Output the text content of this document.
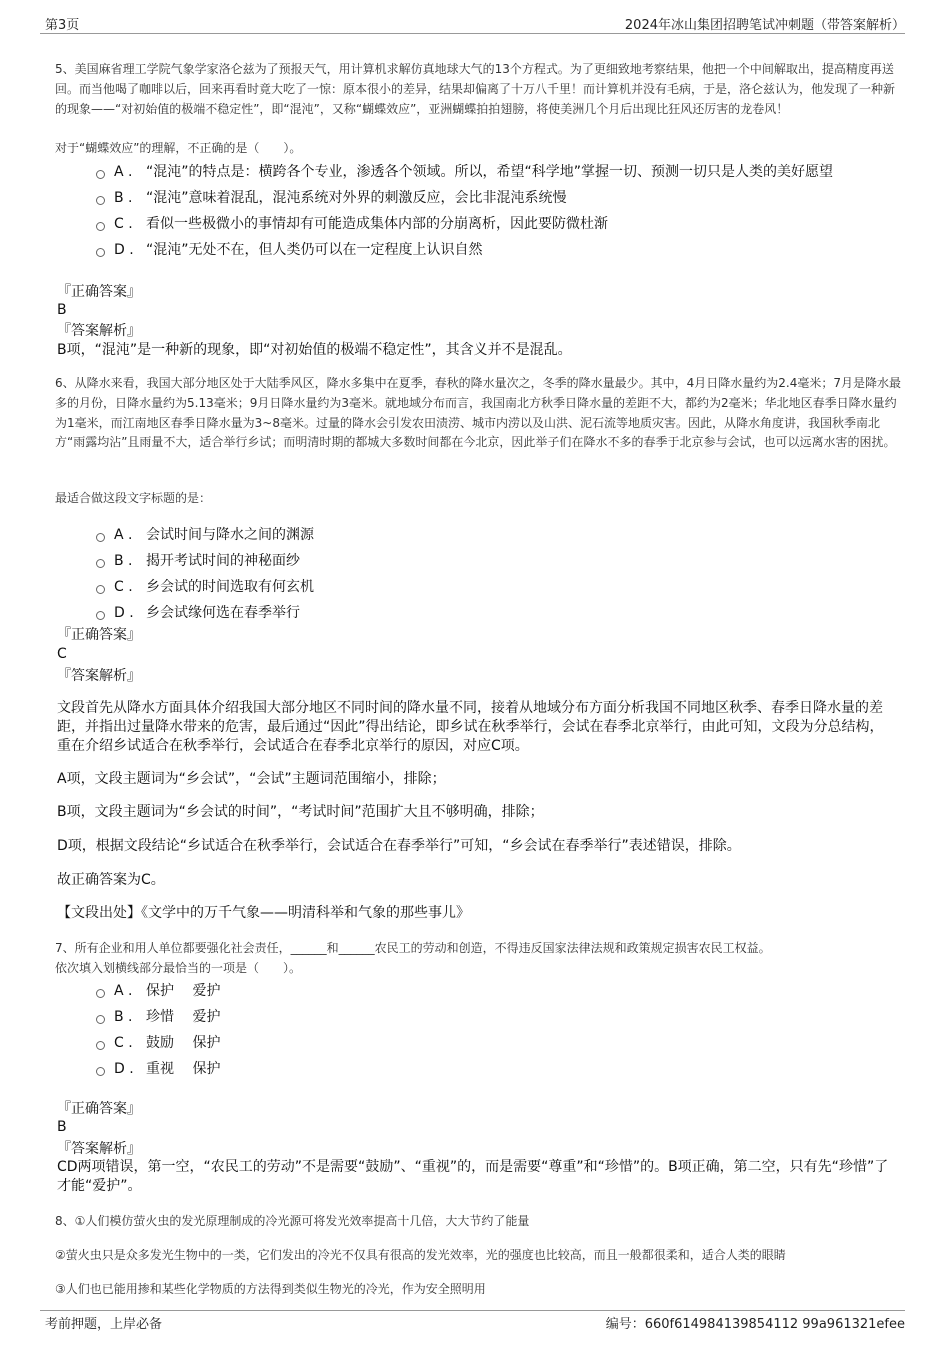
第3页	2024年冰山集团招聘笔试冲刺题（带答案解析）
5、美国麻省理工学院气象学家洛仑兹为了预报天气，用计算机求解仿真地球大气的13个方程式。为了更细致地考察结果，他把一个中间解取出，提高精度再送回。而当他喝了咖啡以后，回来再看时竟大吃了一惊：原本很小的差异，结果却偏离了十万八千里！而计算机并没有毛病，于是，洛仑兹认为，他发现了一种新的现象——“对初始值的极端不稳定性”，即“混沌”，又称“蝴蝶效应”，亚洲蝴蝶拍拍翅膀，将使美洲几个月后出现比狂风还厉害的龙卷风！
对于“蝴蝶效应”的理解，不正确的是（　　）。
A . “混沌”的特点是：横跨各个专业，渗透各个领域。所以，希望“科学地”掌握一切、预测一切只是人类的美好愿望
B . “混沌”意味着混乱，混沌系统对外界的刺激反应，会比非混沌系统慢
C . 看似一些极微小的事情却有可能造成集体内部的分崩离析，因此要防微杜渐
D . “混沌”无处不在，但人类仍可以在一定程度上认识自然
『正确答案』
B
『答案解析』
B项，“混沌”是一种新的现象，即“对初始值的极端不稳定性”，其含义并不是混乱。
6、从降水来看，我国大部分地区处于大陆季风区，降水多集中在夏季，春秋的降水量次之，冬季的降水量最少。其中，4月日降水量约为2.4毫米；7月是降水最多的月份，日降水量约为5.13毫米；9月日降水量约为3毫米。就地域分布而言，我国南北方秋季日降水量的差距不大，都约为2毫米；华北地区春季日降水量约为1毫米，而江南地区春季日降水量为3~8毫米。过量的降水会引发农田渍涝、城市内涝以及山洪、泥石流等地质灾害。因此，从降水角度讲，我国秋季南北方“雨露均沾”且雨量不大，适合举行乡试；而明清时期的都城大多数时间都在今北京，因此举子们在降水不多的春季于北京参与会试，也可以远离水害的困扰。
最适合做这段文字标题的是：
A . 会试时间与降水之间的渊源
B . 揭开考试时间的神秘面纱
C . 乡会试的时间选取有何玄机
D . 乡会试缘何选在春季举行
『正确答案』
C
『答案解析』
文段首先从降水方面具体介绍我国大部分地区不同时间的降水量不同，接着从地域分布方面分析我国不同地区秋季、春季日降水量的差距，并指出过量降水带来的危害，最后通过“因此”得出结论，即乡试在秋季举行，会试在春季北京举行，由此可知，文段为分总结构，重在介绍乡试适合在秋季举行，会试适合在春季北京举行的原因，对应C项。
A项，文段主题词为“乡会试”，“会试”主题词范围缩小，排除；
B项，文段主题词为“乡会试的时间”，“考试时间”范围扩大且不够明确，排除；
D项，根据文段结论“乡试适合在秋季举行，会试适合在春季举行”可知，“乡会试在春季举行”表述错误，排除。
故正确答案为C。
【文段出处】《文学中的万千气象——明清科举和气象的那些事儿》
7、所有企业和用人单位都要强化社会责任，______和______农民工的劳动和创造，不得违反国家法律法规和政策规定损害农民工权益。
依次填入划横线部分最恰当的一项是（　　）。
A . 保护　 爱护
B . 珍惜　 爱护
C . 鼓励　 保护
D . 重视　 保护
『正确答案』
B
『答案解析』
CD两项错误，第一空，“农民工的劳动”不是需要“鼓励”、“重视”的，而是需要“尊重”和“珍惜”的。B项正确，第二空，只有先“珍惜”了才能“爱护”。
8、①人们模仿萤火虫的发光原理制成的冷光源可将发光效率提高十几倍，大大节约了能量
②萤火虫只是众多发光生物中的一类，它们发出的冷光不仅具有很高的发光效率，光的强度也比较高，而且一般都很柔和，适合人类的眼睛
③人们也已能用掺和某些化学物质的方法得到类似生物光的冷光，作为安全照明用
考前押题，上岸必备	编号：660f614984139854112 99a961321efee
